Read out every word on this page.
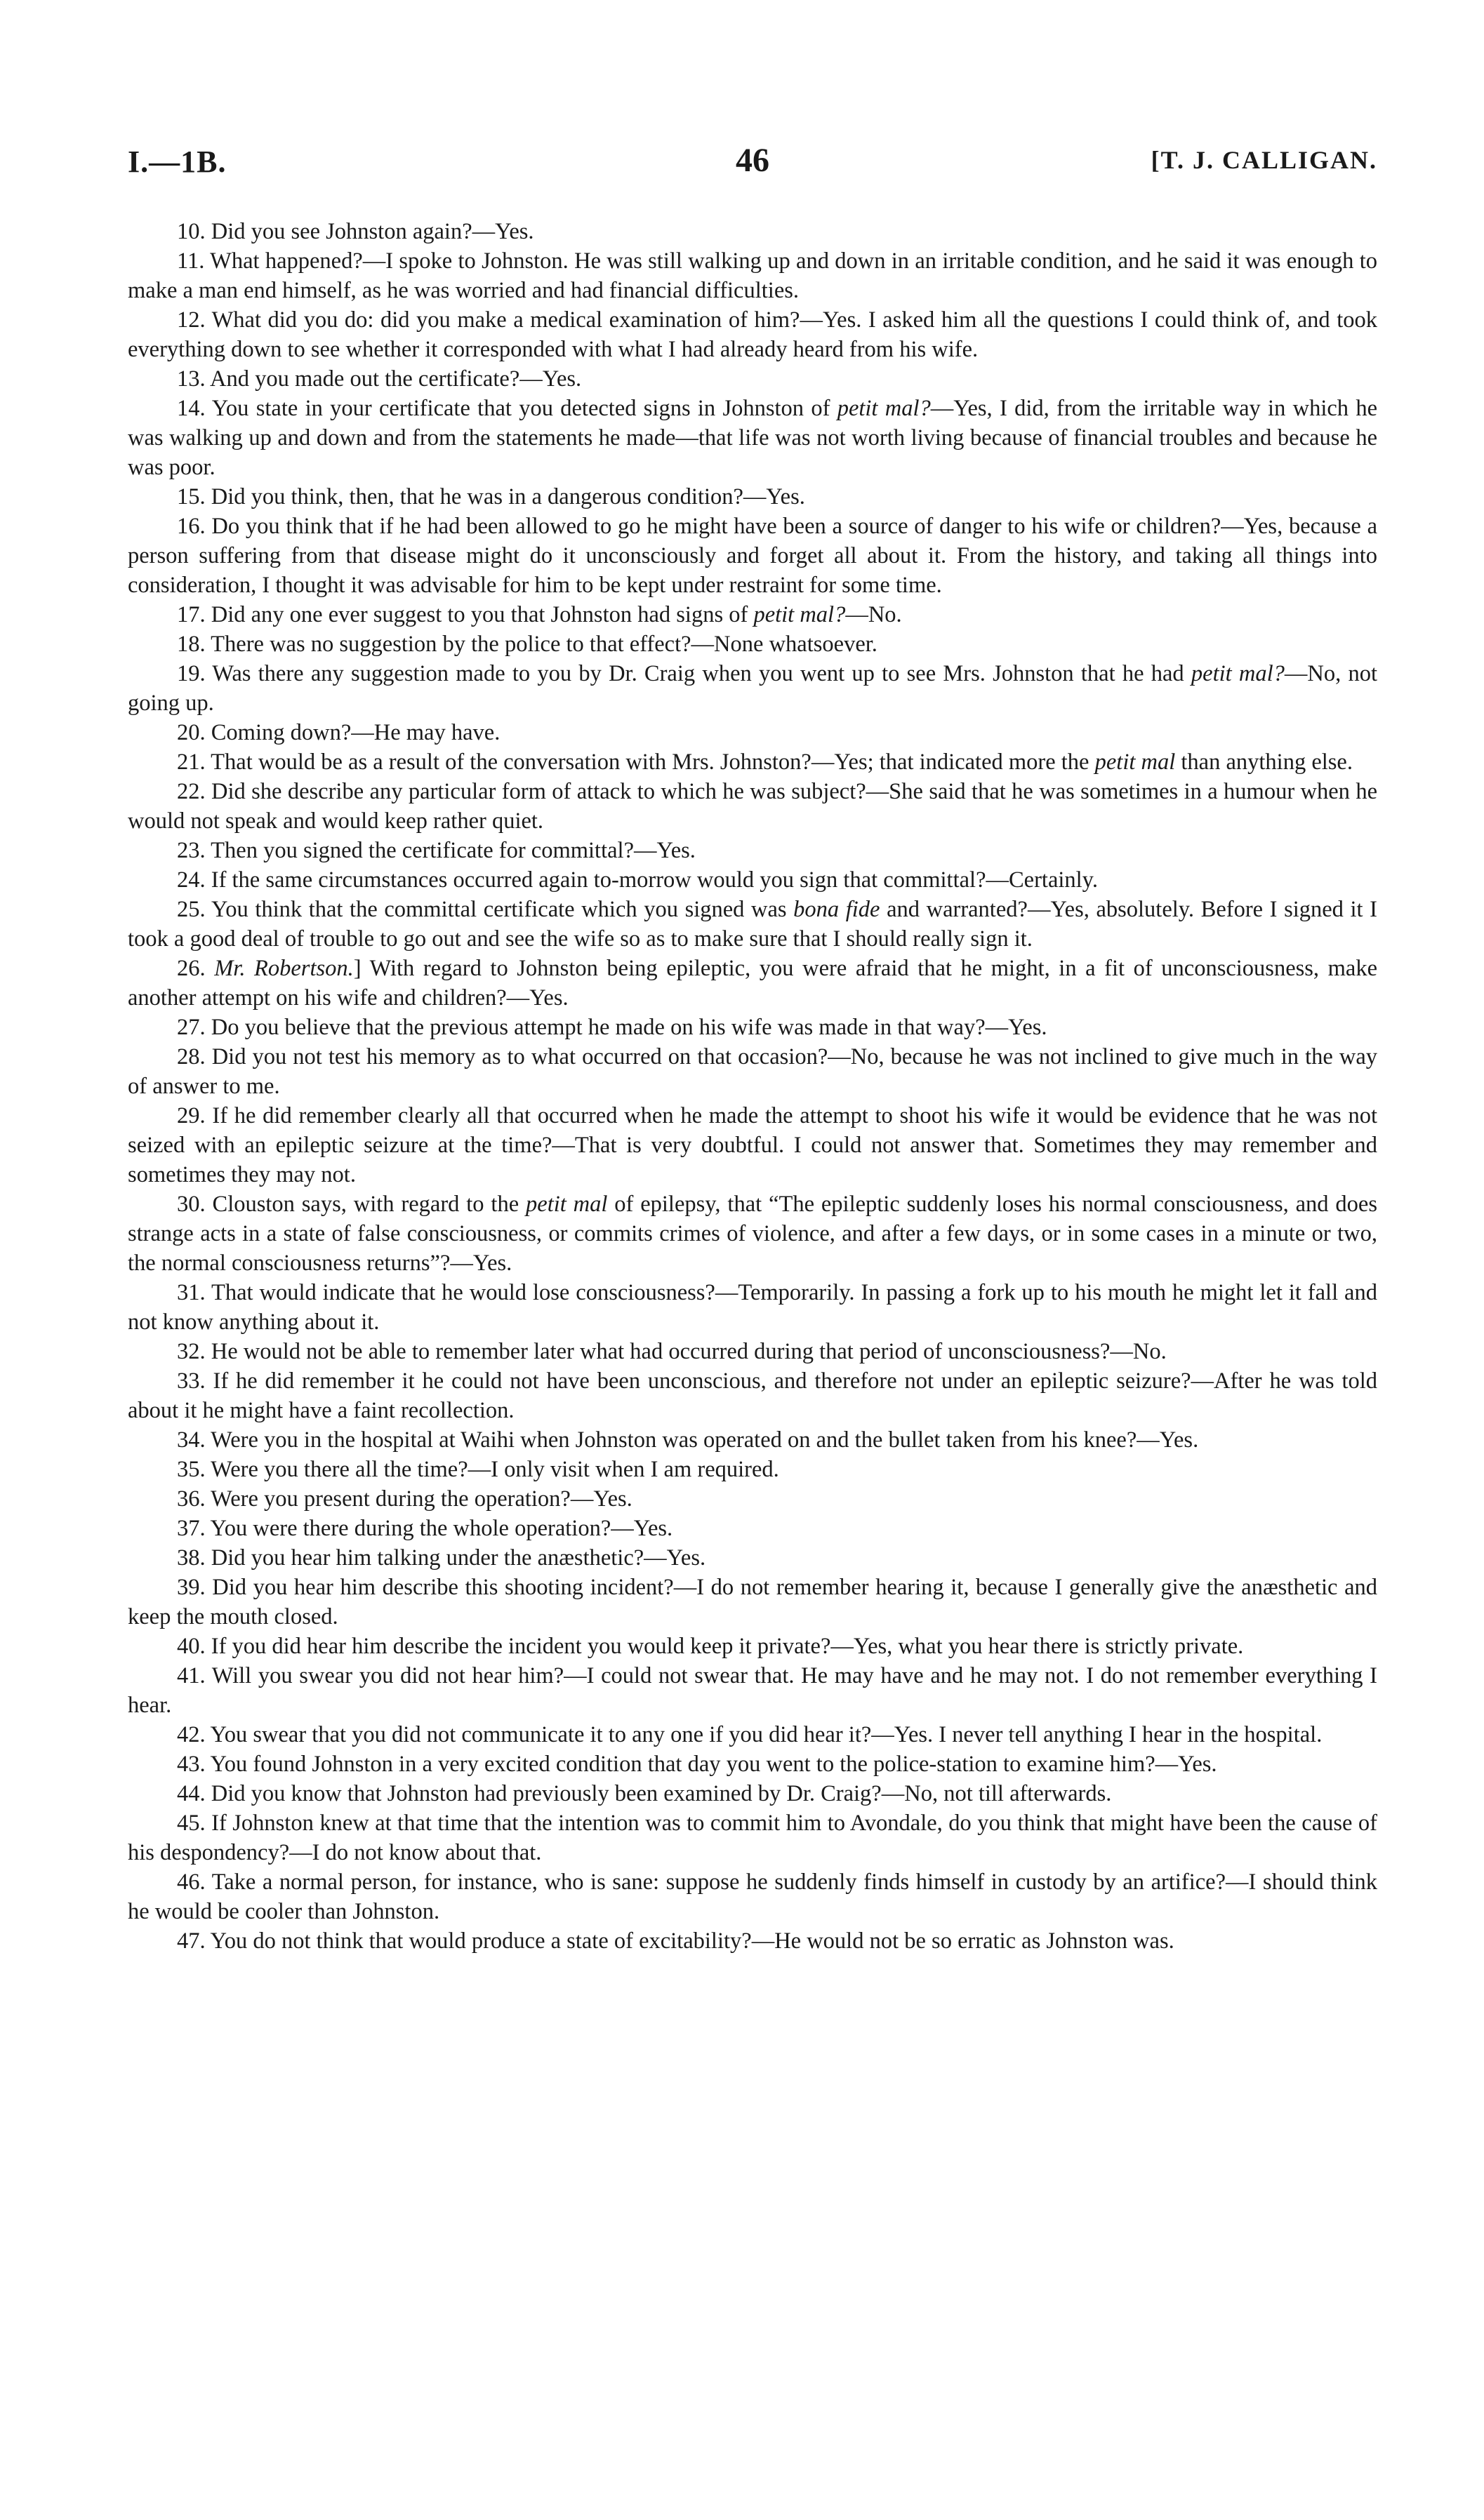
I.—1B.	46	[T. J. CALLIGAN.

10. Did you see Johnston again?—Yes.

11. What happened?—I spoke to Johnston. He was still walking up and down in an irritable condition, and he said it was enough to make a man end himself, as he was worried and had financial difficulties.

12. What did you do: did you make a medical examination of him?—Yes. I asked him all the questions I could think of, and took everything down to see whether it corresponded with what I had already heard from his wife.

13. And you made out the certificate?—Yes.

14. You state in your certificate that you detected signs in Johnston of petit mal?—Yes, I did, from the irritable way in which he was walking up and down and from the statements he made—that life was not worth living because of financial troubles and because he was poor.

15. Did you think, then, that he was in a dangerous condition?—Yes.

16. Do you think that if he had been allowed to go he might have been a source of danger to his wife or children?—Yes, because a person suffering from that disease might do it unconsciously and forget all about it. From the history, and taking all things into consideration, I thought it was advisable for him to be kept under restraint for some time.

17. Did any one ever suggest to you that Johnston had signs of petit mal?—No.

18. There was no suggestion by the police to that effect?—None whatsoever.

19. Was there any suggestion made to you by Dr. Craig when you went up to see Mrs. Johnston that he had petit mal?—No, not going up.

20. Coming down?—He may have.

21. That would be as a result of the conversation with Mrs. Johnston?—Yes; that indicated more the petit mal than anything else.

22. Did she describe any particular form of attack to which he was subject?—She said that he was sometimes in a humour when he would not speak and would keep rather quiet.

23. Then you signed the certificate for committal?—Yes.

24. If the same circumstances occurred again to-morrow would you sign that committal?—Certainly.

25. You think that the committal certificate which you signed was bona fide and warranted?—Yes, absolutely. Before I signed it I took a good deal of trouble to go out and see the wife so as to make sure that I should really sign it.

26. Mr. Robertson.] With regard to Johnston being epileptic, you were afraid that he might, in a fit of unconsciousness, make another attempt on his wife and children?—Yes.

27. Do you believe that the previous attempt he made on his wife was made in that way?—Yes.

28. Did you not test his memory as to what occurred on that occasion?—No, because he was not inclined to give much in the way of answer to me.

29. If he did remember clearly all that occurred when he made the attempt to shoot his wife it would be evidence that he was not seized with an epileptic seizure at the time?—That is very doubtful. I could not answer that. Sometimes they may remember and sometimes they may not.

30. Clouston says, with regard to the petit mal of epilepsy, that “The epileptic suddenly loses his normal consciousness, and does strange acts in a state of false consciousness, or commits crimes of violence, and after a few days, or in some cases in a minute or two, the normal consciousness returns”?—Yes.

31. That would indicate that he would lose consciousness?—Temporarily. In passing a fork up to his mouth he might let it fall and not know anything about it.

32. He would not be able to remember later what had occurred during that period of unconsciousness?—No.

33. If he did remember it he could not have been unconscious, and therefore not under an epileptic seizure?—After he was told about it he might have a faint recollection.

34. Were you in the hospital at Waihi when Johnston was operated on and the bullet taken from his knee?—Yes.

35. Were you there all the time?—I only visit when I am required.

36. Were you present during the operation?—Yes.

37. You were there during the whole operation?—Yes.

38. Did you hear him talking under the anæsthetic?—Yes.

39. Did you hear him describe this shooting incident?—I do not remember hearing it, because I generally give the anæsthetic and keep the mouth closed.

40. If you did hear him describe the incident you would keep it private?—Yes, what you hear there is strictly private.

41. Will you swear you did not hear him?—I could not swear that. He may have and he may not. I do not remember everything I hear.

42. You swear that you did not communicate it to any one if you did hear it?—Yes. I never tell anything I hear in the hospital.

43. You found Johnston in a very excited condition that day you went to the police-station to examine him?—Yes.

44. Did you know that Johnston had previously been examined by Dr. Craig?—No, not till afterwards.

45. If Johnston knew at that time that the intention was to commit him to Avondale, do you think that might have been the cause of his despondency?—I do not know about that.

46. Take a normal person, for instance, who is sane: suppose he suddenly finds himself in custody by an artifice?—I should think he would be cooler than Johnston.

47. You do not think that would produce a state of excitability?—He would not be so erratic as Johnston was.
